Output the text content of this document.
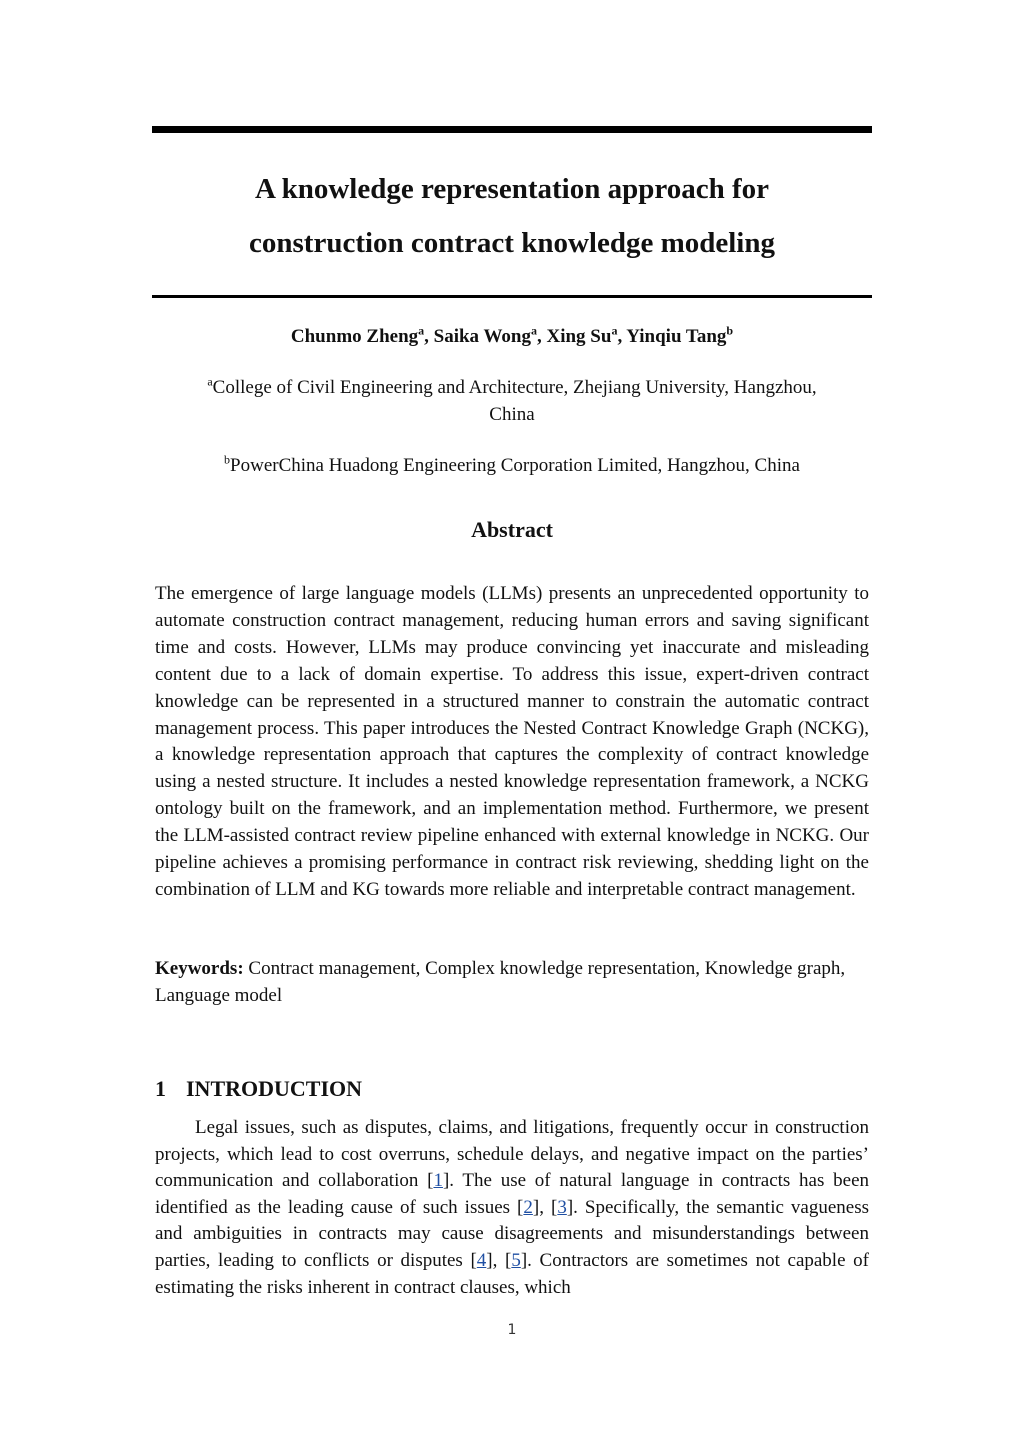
A knowledge representation approach for
construction contract knowledge modeling
Chunmo Zheng$^a$, Saika Wong$^a$, Xing Su$^a$, Yinqiu Tang$^b$
$^a$College of Civil Engineering and Architecture, Zhejiang University, Hangzhou,
China
$^b$PowerChina Huadong Engineering Corporation Limited, Hangzhou, China
Abstract

The emergence of large language models (LLMs) presents an unprecedented opportunity to automate construction contract management, reducing human errors and saving significant time and costs. However, LLMs may produce convincing yet inaccurate and misleading content due to a lack of domain expertise. To address this issue, expert-driven contract knowledge can be represented in a structured manner to constrain the automatic contract management process. This paper introduces the Nested Contract Knowledge Graph (NCKG), a knowledge representation approach that captures the complexity of contract knowledge using a nested structure. It includes a nested knowledge representation framework, a NCKG ontology built on the framework, and an implementation method. Furthermore, we present the LLM-assisted contract review pipeline enhanced with external knowledge in NCKG. Our pipeline achieves a promising performance in contract risk reviewing, shedding light on the combination of LLM and KG towards more reliable and interpretable contract management.

Keywords: Contract management, Complex knowledge representation, Knowledge graph, Language model

1 INTRODUCTION

Legal issues, such as disputes, claims, and litigations, frequently occur in construction projects, which lead to cost overruns, schedule delays, and negative impact on the parties’ communication and collaboration [1]. The use of natural language in contracts has been identified as the leading cause of such issues [2], [3]. Specifically, the semantic vagueness and ambiguities in contracts may cause disagreements and misunderstandings between parties, leading to conflicts or disputes [4], [5]. Contractors are sometimes not capable of estimating the risks inherent in contract clauses, which

1
